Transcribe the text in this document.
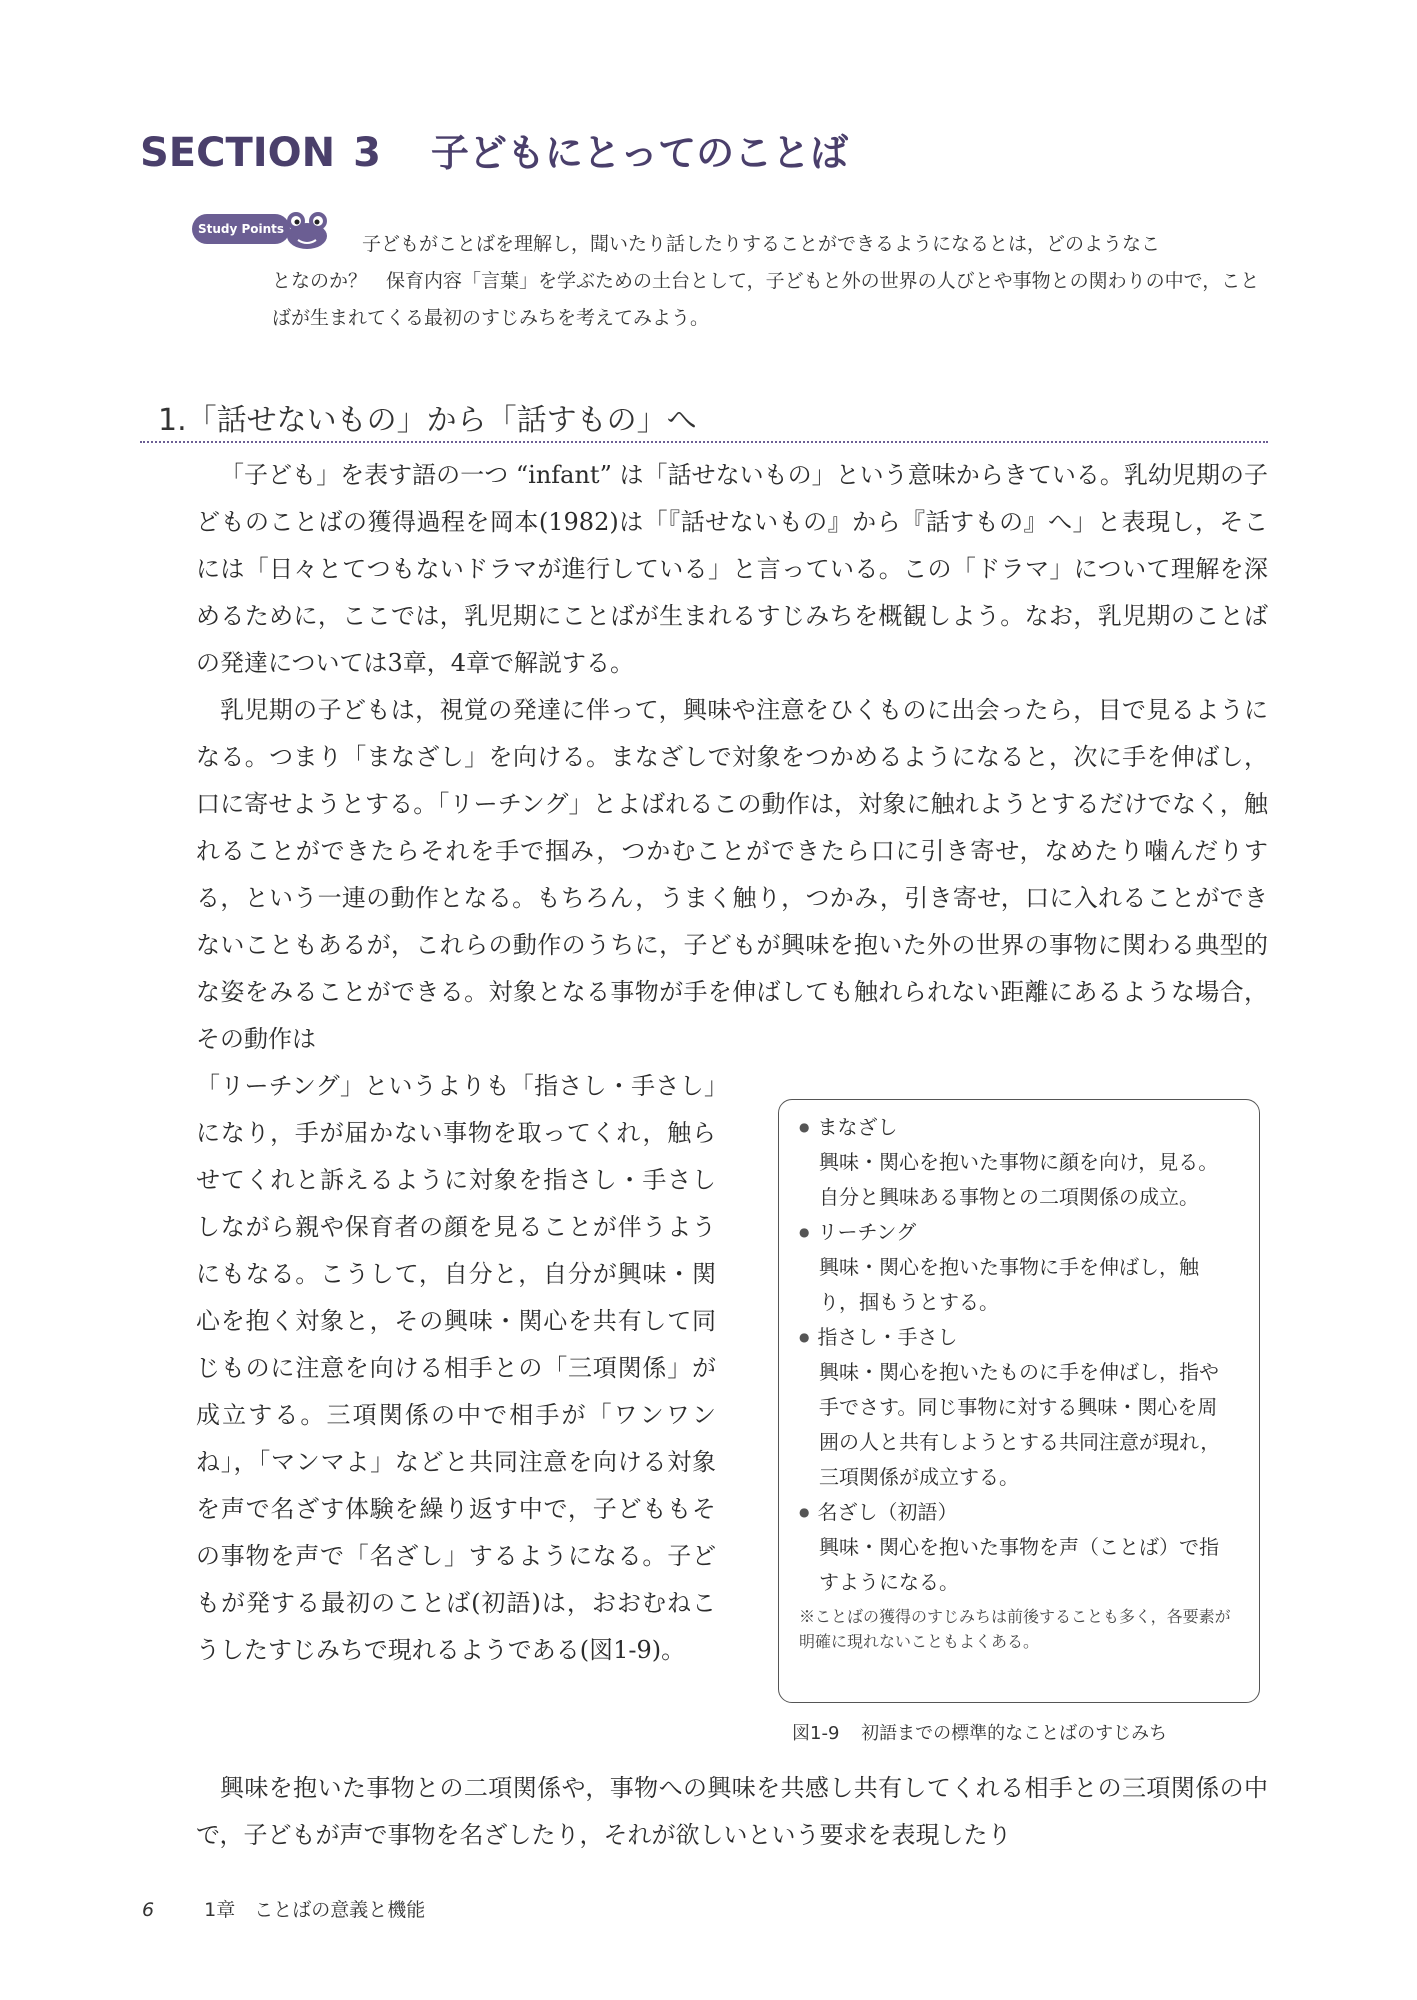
SECTION 3 子どもにとってのことば
Study Points
子どもがことばを理解し，聞いたり話したりすることができるようになるとは，どのようなこ
となのか？　保育内容「言葉」を学ぶための土台として，子どもと外の世界の人びとや事物との関わりの中で，ことばが生まれてくる最初のすじみちを考えてみよう。
1.「話せないもの」から「話すもの」へ
「子ども」を表す語の一つ “infant” は「話せないもの」という意味からきている。乳幼児期の子どものことばの獲得過程を岡本(1982)は「『話せないもの』から『話すもの』へ」と表現し，そこには「日々とてつもないドラマが進行している」と言っている。この「ドラマ」について理解を深めるために，ここでは，乳児期にことばが生まれるすじみちを概観しよう。なお，乳児期のことばの発達については3章，4章で解説する。
乳児期の子どもは，視覚の発達に伴って，興味や注意をひくものに出会ったら，目で見るようになる。つまり「まなざし」を向ける。まなざしで対象をつかめるようになると，次に手を伸ばし，口に寄せようとする。「リーチング」とよばれるこの動作は，対象に触れようとするだけでなく，触れることができたらそれを手で掴み，つかむことができたら口に引き寄せ，なめたり噛んだりする，という一連の動作となる。もちろん，うまく触り，つかみ，引き寄せ，口に入れることができないこともあるが，これらの動作のうちに，子どもが興味を抱いた外の世界の事物に関わる典型的な姿をみることができる。対象となる事物が手を伸ばしても触れられない距離にあるような場合，その動作は
「リーチング」というよりも「指さし・手さし」になり，手が届かない事物を取ってくれ，触らせてくれと訴えるように対象を指さし・手さししながら親や保育者の顔を見ることが伴うようにもなる。こうして，自分と，自分が興味・関心を抱く対象と，その興味・関心を共有して同じものに注意を向ける相手との「三項関係」が成立する。三項関係の中で相手が「ワンワンね」，「マンマよ」などと共同注意を向ける対象を声で名ざす体験を繰り返す中で，子どももその事物を声で「名ざし」するようになる。子どもが発する最初のことば(初語)は，おおむねこうしたすじみちで現れるようである(図1-9)。
● まなざし
興味・関心を抱いた事物に顔を向け，見る。自分と興味ある事物との二項関係の成立。
● リーチング
興味・関心を抱いた事物に手を伸ばし，触り，掴もうとする。
● 指さし・手さし
興味・関心を抱いたものに手を伸ばし，指や手でさす。同じ事物に対する興味・関心を周囲の人と共有しようとする共同注意が現れ，三項関係が成立する。
● 名ざし（初語）
興味・関心を抱いた事物を声（ことば）で指すようになる。
※ことばの獲得のすじみちは前後することも多く，各要素が明確に現れないこともよくある。
図1-9 初語までの標準的なことばのすじみち
興味を抱いた事物との二項関係や，事物への興味を共感し共有してくれる相手との三項関係の中で，子どもが声で事物を名ざしたり，それが欲しいという要求を表現したり
6	1章　ことばの意義と機能
